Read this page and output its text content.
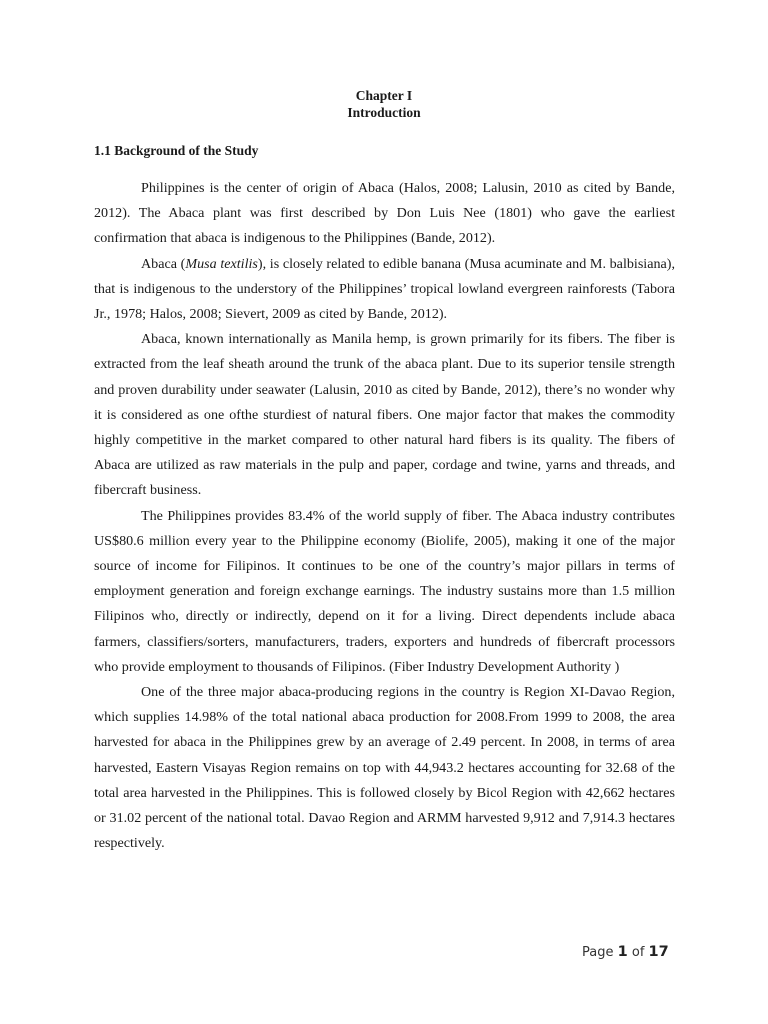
Chapter I
Introduction
1.1 Background of the Study

Philippines is the center of origin of Abaca (Halos, 2008; Lalusin, 2010 as cited by Bande, 2012). The Abaca plant was first described by Don Luis Nee (1801) who gave the earliest confirmation that abaca is indigenous to the Philippines (Bande, 2012).

Abaca (Musa textilis), is closely related to edible banana (Musa acuminate and M. balbisiana), that is indigenous to the understory of the Philippines’ tropical lowland evergreen rainforests (Tabora Jr., 1978; Halos, 2008; Sievert, 2009 as cited by Bande, 2012).

Abaca, known internationally as Manila hemp, is grown primarily for its fibers. The fiber is extracted from the leaf sheath around the trunk of the abaca plant. Due to its superior tensile strength and proven durability under seawater (Lalusin, 2010 as cited by Bande, 2012), there’s no wonder why it is considered as one ofthe sturdiest of natural fibers. One major factor that makes the commodity highly competitive in the market compared to other natural hard fibers is its quality. The fibers of Abaca are utilized as raw materials in the pulp and paper, cordage and twine, yarns and threads, and fibercraft business.

The Philippines provides 83.4% of the world supply of fiber. The Abaca industry contributes US$80.6 million every year to the Philippine economy (Biolife, 2005), making it one of the major source of income for Filipinos. It continues to be one of the country’s major pillars in terms of employment generation and foreign exchange earnings. The industry sustains more than 1.5 million Filipinos who, directly or indirectly, depend on it for a living. Direct dependents include abaca farmers, classifiers/sorters, manufacturers, traders, exporters and hundreds of fibercraft processors who provide employment to thousands of Filipinos. (Fiber Industry Development Authority )

One of the three major abaca-producing regions in the country is Region XI-Davao Region, which supplies 14.98% of the total national abaca production for 2008.From 1999 to 2008, the area harvested for abaca in the Philippines grew by an average of 2.49 percent. In 2008, in terms of area harvested, Eastern Visayas Region remains on top with 44,943.2 hectares accounting for 32.68 of the total area harvested in the Philippines. This is followed closely by Bicol Region with 42,662 hectares or 31.02 percent of the national total. Davao Region and ARMM harvested 9,912 and 7,914.3 hectares respectively.

Page 1 of 17
